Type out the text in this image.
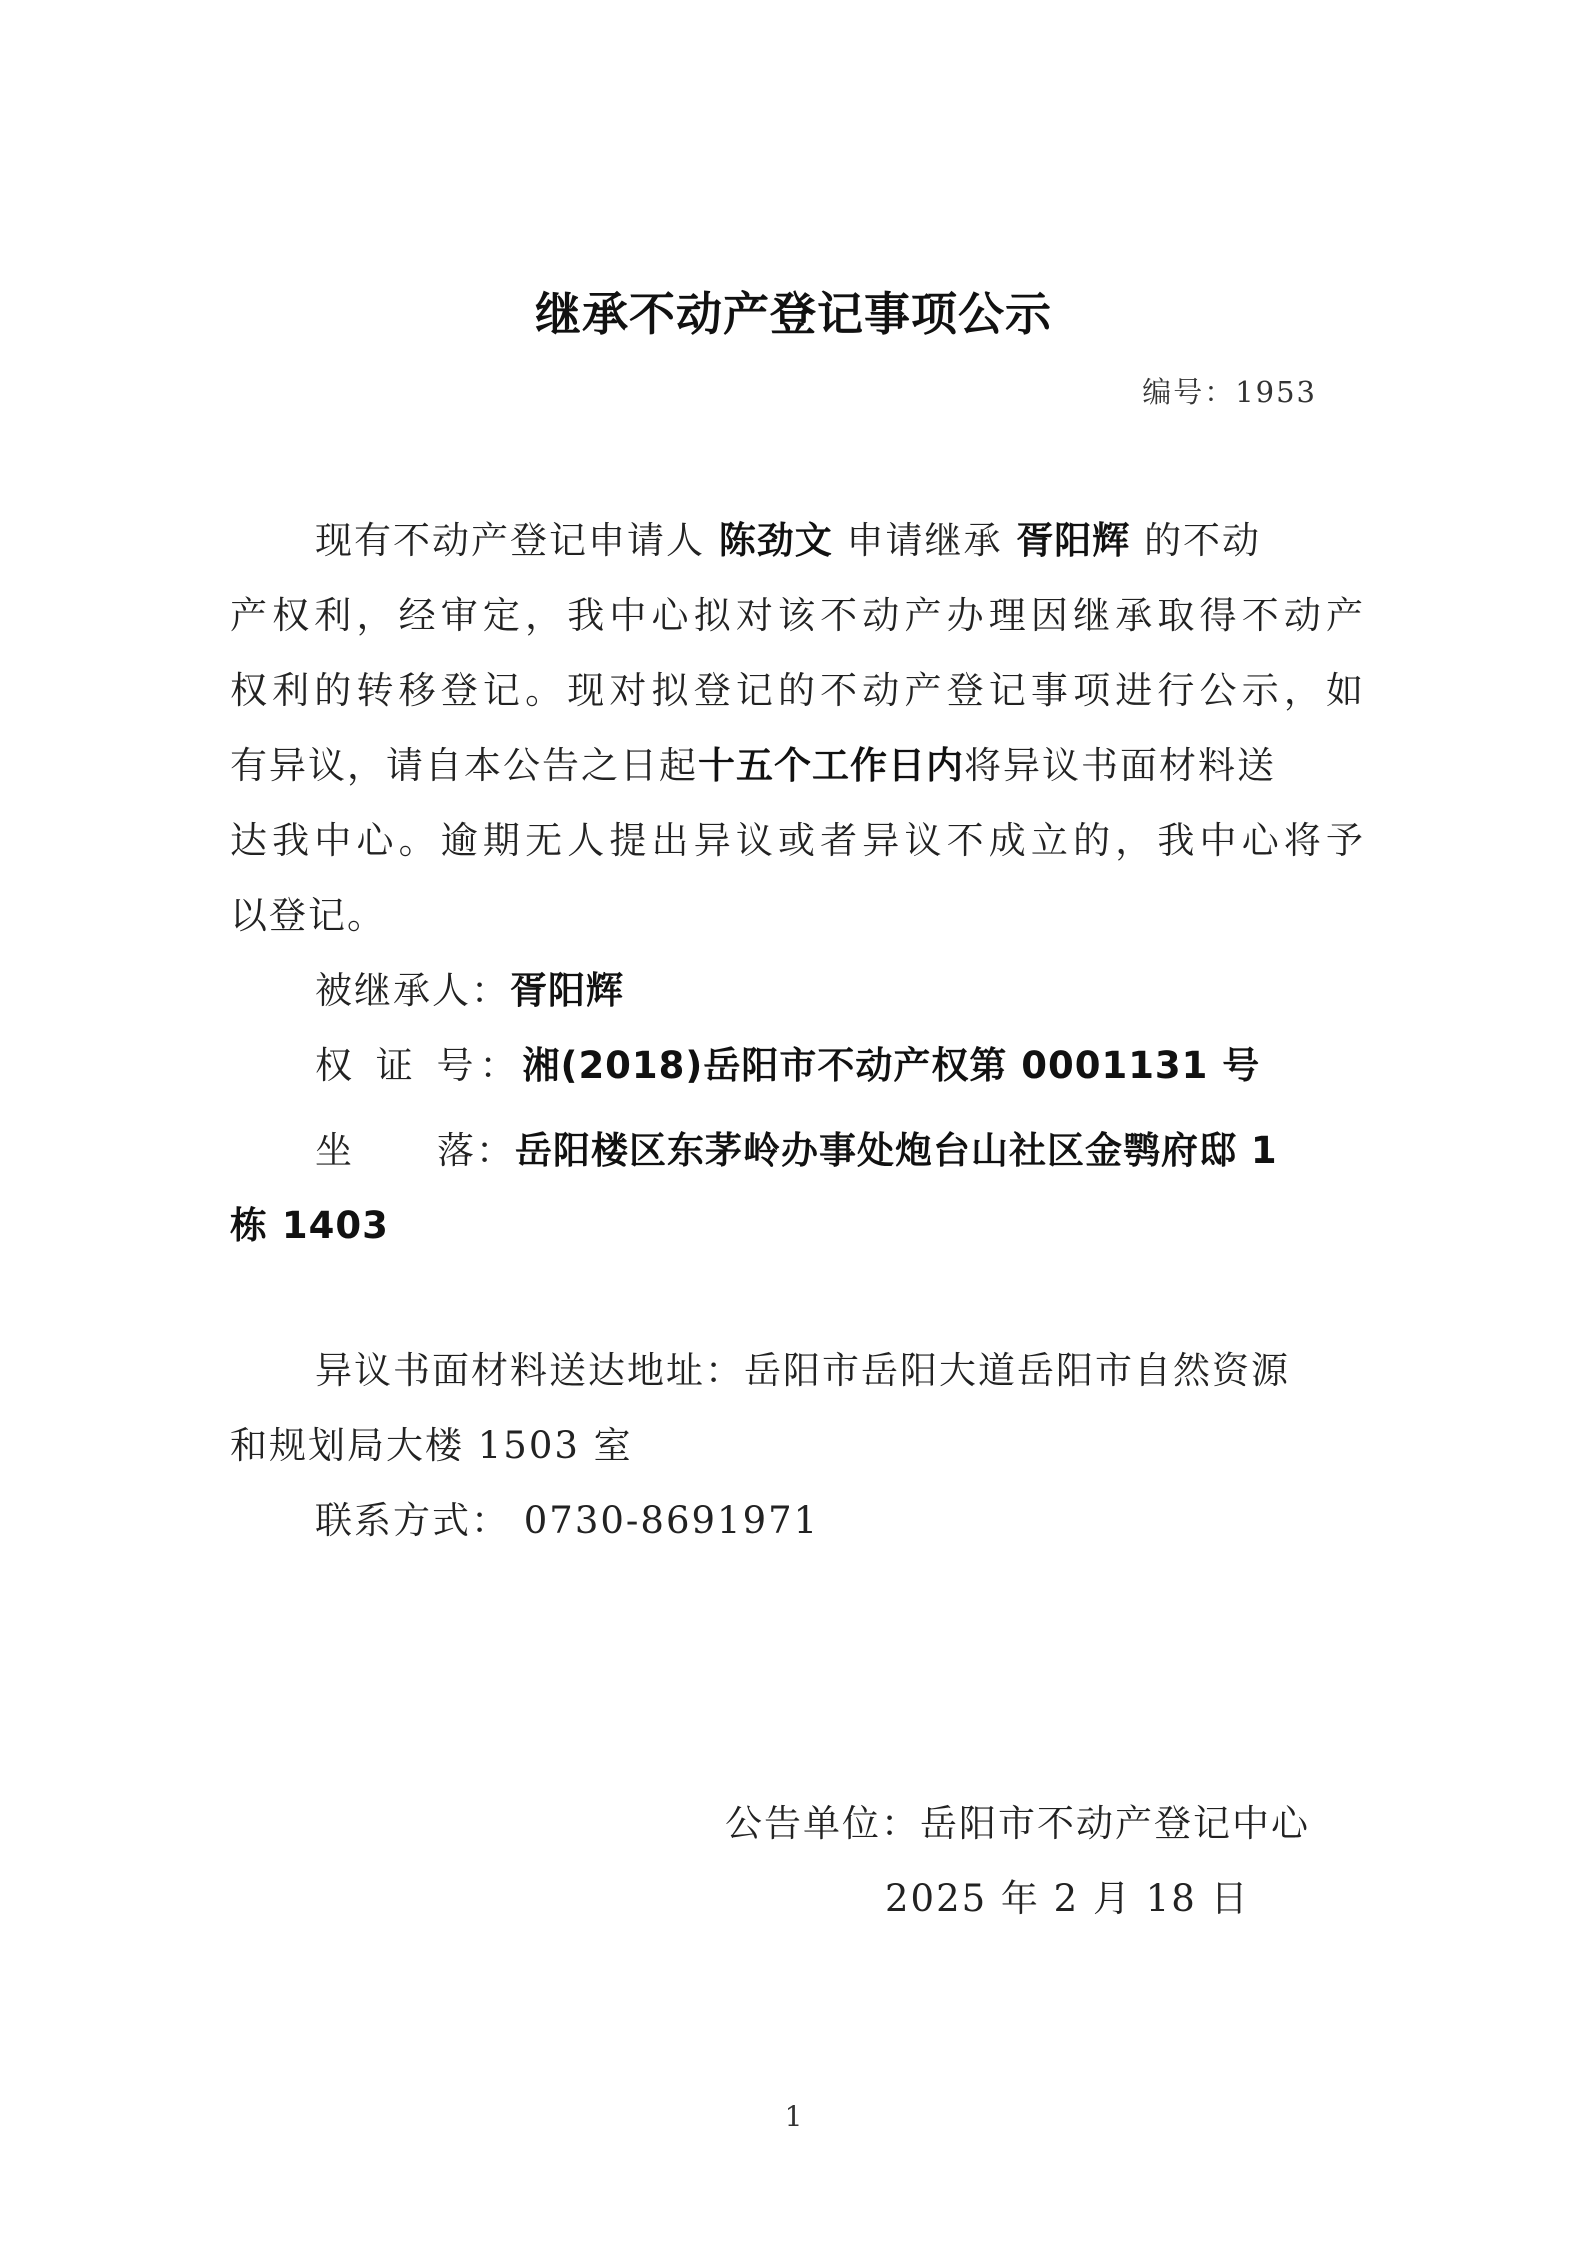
继承不动产登记事项公示
编号：1953
现有不动产登记申请人 陈劲文 申请继承 胥阳辉 的不动
产权利，经审定，我中心拟对该不动产办理因继承取得不动产
权利的转移登记。现对拟登记的不动产登记事项进行公示，如
有异议，请自本公告之日起十五个工作日内将异议书面材料送
达我中心。逾期无人提出异议或者异议不成立的，我中心将予
以登记。
被继承人：胥阳辉
权 证 号：湘(2018)岳阳市不动产权第 0001131 号
坐 落：岳阳楼区东茅岭办事处炮台山社区金鹗府邸 1
栋 1403
异议书面材料送达地址：岳阳市岳阳大道岳阳市自然资源
和规划局大楼 1503 室
联系方式： 0730-8691971
公告单位：岳阳市不动产登记中心
2025 年 2 月 18 日
1
